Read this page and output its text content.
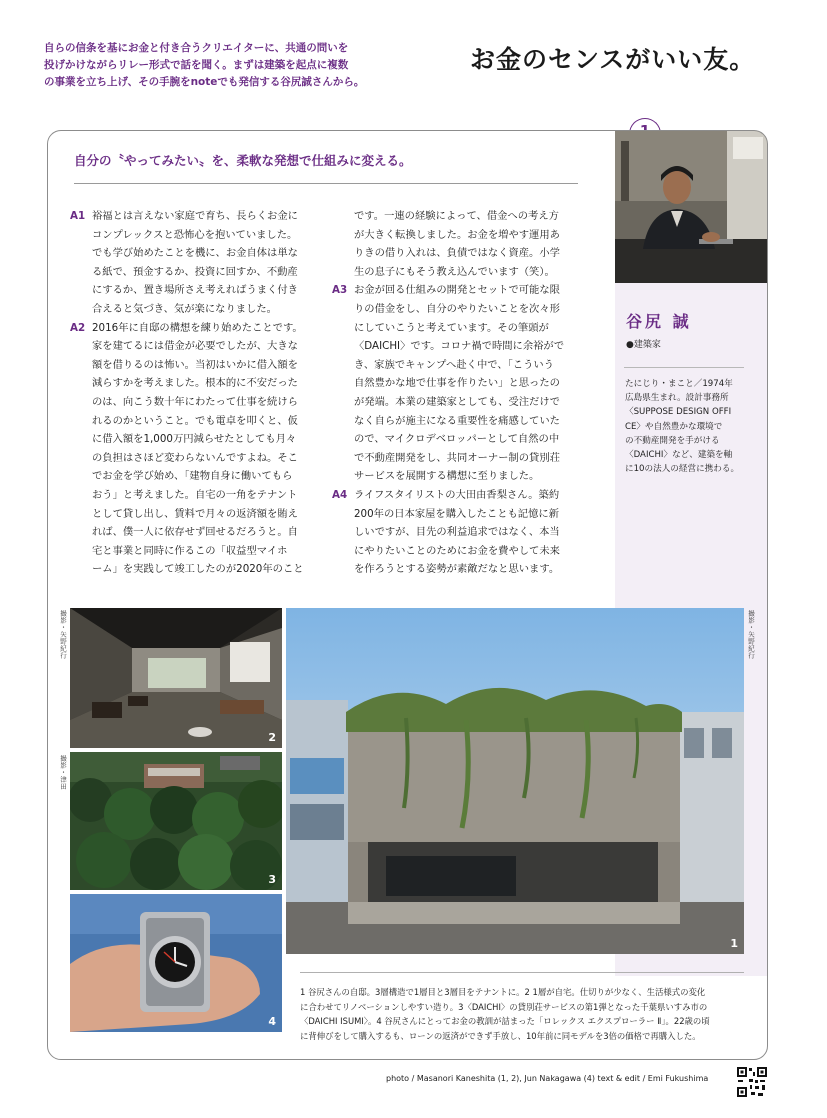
自らの信条を基にお金と付き合うクリエイターに、共通の問いを
投げかけながらリレー形式で話を聞く。まずは建築を起点に複数
の事業を立ち上げ、その手腕をnoteでも発信する谷尻誠さんから。
お金のセンスがいい友。
自分の〝やってみたい〟を、柔軟な発想で仕組みに変える。
A1 裕福とは言えない家庭で育ち、長らくお金に
コンプレックスと恐怖心を抱いていました。
でも学び始めたことを機に、お金自体は単な
る紙で、預金するか、投資に回すか、不動産
にするか、置き場所さえ考えればうまく付き
合えると気づき、気が楽になりました。
A2 2016年に自邸の構想を練り始めたことです。
家を建てるには借金が必要でしたが、大きな
額を借りるのは怖い。当初はいかに借入額を
減らすかを考えました。根本的に不安だった
のは、向こう数十年にわたって仕事を続けら
れるのかということ。でも電卓を叩くと、仮
に借入額を1,000万円減らせたとしても月々
の負担はさほど変わらないんですよね。そこ
でお金を学び始め、「建物自身に働いてもら
おう」と考えました。自宅の一角をテナント
として貸し出し、賃料で月々の返済額を賄え
れば、僕一人に依存せず回せるだろうと。自
宅と事業と同時に作るこの「収益型マイホ
ーム」を実践して竣工したのが2020年のこと
です。一連の経験によって、借金への考え方
が大きく転換しました。お金を増やす運用あ
りきの借り入れは、負債ではなく資産。小学
生の息子にもそう教え込んでいます（笑）。
A3 お金が回る仕組みの開発とセットで可能な限
りの借金をし、自分のやりたいことを次々形
にしていこうと考えています。その筆頭が
〈DAICHI〉です。コロナ禍で時間に余裕がで
き、家族でキャンプへ赴く中で、「こういう
自然豊かな地で仕事を作りたい」と思ったの
が発端。本業の建築家としても、受注だけで
なく自らが施主になる重要性を痛感していた
ので、マイクロデベロッパーとして自然の中
で不動産開発をし、共同オーナー制の貸別荘
サービスを展開する構想に至りました。
A4 ライフスタイリストの大田由香梨さん。築約
200年の日本家屋を購入したことも記憶に新
しいですが、目先の利益追求ではなく、本当
にやりたいことのためにお金を費やして未来
を作ろうとする姿勢が素敵だなと思います。
谷尻 誠
●建築家
たにじり・まこと／1974年
広島県生まれ。設計事務所
〈SUPPOSE DESIGN OFFI
CE〉や自然豊かな環境で
の不動産開発を手がける
〈DAICHI〉など、建築を軸
に10の法人の経営に携わる。
撮影・矢野紀行
撮影・津田
撮影・矢野紀行
2
3
4
1
1 谷尻さんの自邸。3層構造で1層目と3層目をテナントに。2 1層が自宅。仕切りが少なく、生活様式の変化
に合わせてリノベーションしやすい造り。3〈DAICHI〉の貸別荘サービスの第1弾となった千葉県いすみ市の
〈DAICHI ISUMI〉。4 谷尻さんにとってお金の教訓が詰まった「ロレックス エクスプローラー Ⅱ」。22歳の頃
に背伸びをして購入するも、ローンの返済ができず手放し、10年前に同モデルを3倍の価格で再購入した。
photo / Masanori Kaneshita (1, 2), Jun Nakagawa (4) text & edit / Emi Fukushima
